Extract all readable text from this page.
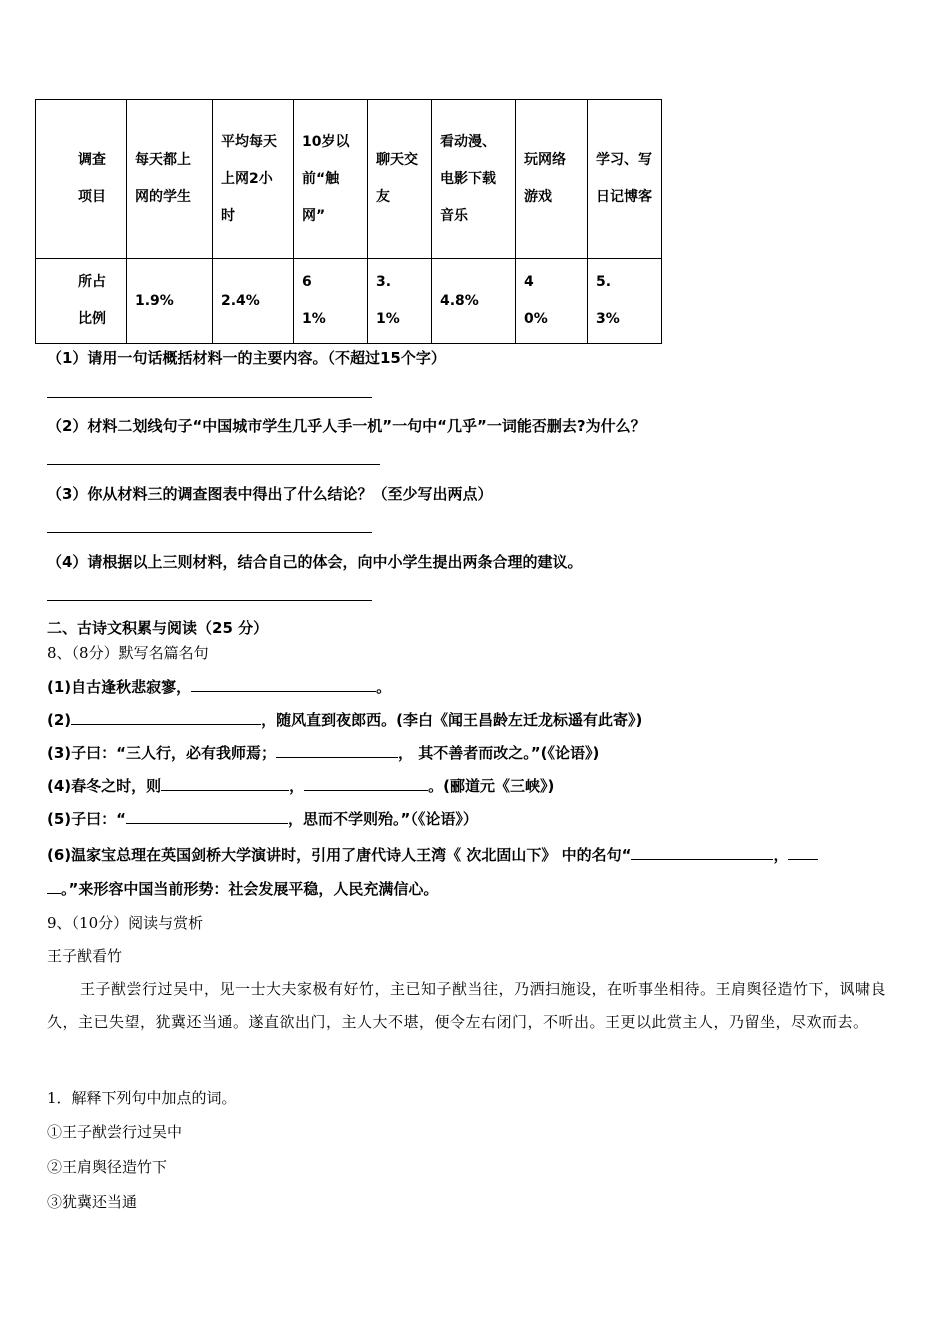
调查项目	每天都上网的学生	平均每天上网2小时	10岁以前“触网”	聊天交友	看动漫、电影下载音乐	玩网络游戏	学习、写日记博客

所占比例	1.9%	2.4%	61%	3.1%	4.8%	40%	5.3%
（1）请用一句话概括材料一的主要内容。（不超过15个字）
（2）材料二划线句子“中国城市学生几乎人手一机”一句中“几乎”一词能否删去?为什么？
（3）你从材料三的调查图表中得出了什么结论？（至少写出两点）
（4）请根据以上三则材料，结合自己的体会，向中小学生提出两条合理的建议。
二、古诗文积累与阅读（25 分）
8、（8分）默写名篇名句
(1)自古逢秋悲寂寥，	。
(2)	，随风直到夜郎西。(李白《闻王昌龄左迁龙标遥有此寄》)
(3)子曰：“三人行，必有我师焉；	， 其不善者而改之。”(《论语》)
(4)春冬之时，则	，	。(郦道元《三峡》)
(5)子曰：“	，思而不学则殆。”（《论语》）
(6)温家宝总理在英国剑桥大学演讲时，引用了唐代诗人王湾《 次北固山下》 中的名句“	，
。”来形容中国当前形势：社会发展平稳，人民充满信心。
9、（10分）阅读与赏析
王子猷看竹
王子猷尝行过吴中，见一士大夫家极有好竹，主已知子猷当往，乃洒扫施设，在听事坐相待。王肩舆径造竹下，讽啸良久，主已失望，犹冀还当通。遂直欲出门，主人大不堪，便令左右闭门，不听出。王更以此赏主人，乃留坐，尽欢而去。
1．解释下列句中加点的词。
①王子猷尝行过吴中
②王肩舆径造竹下
③犹冀还当通
